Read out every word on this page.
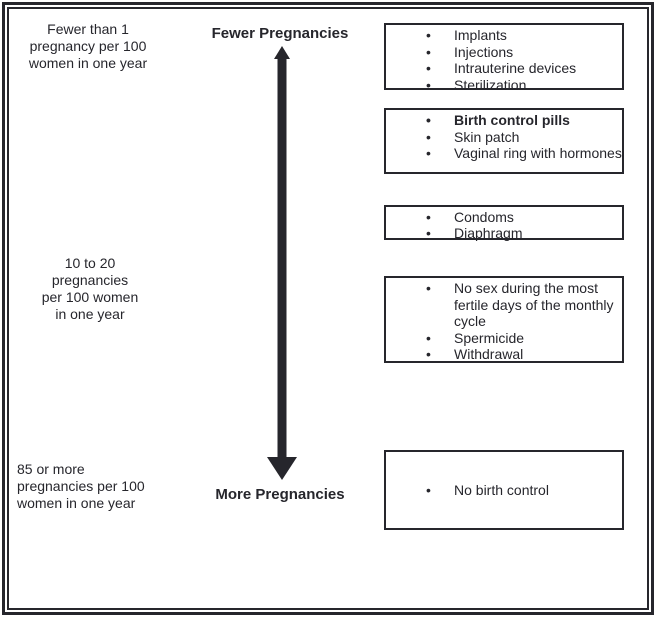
Fewer than 1
pregnancy per 100
women in one year
10 to 20
pregnancies
per 100 women
in one year
85 or more
pregnancies per 100
women in one year
Fewer Pregnancies
More Pregnancies
• Implants
• Injections
• Intrauterine devices
• Sterilization
• Birth control pills
• Skin patch
• Vaginal ring with hormones
• Condoms
• Diaphragm
• No sex during the most fertile days of the monthly cycle
• Spermicide
• Withdrawal
• No birth control
